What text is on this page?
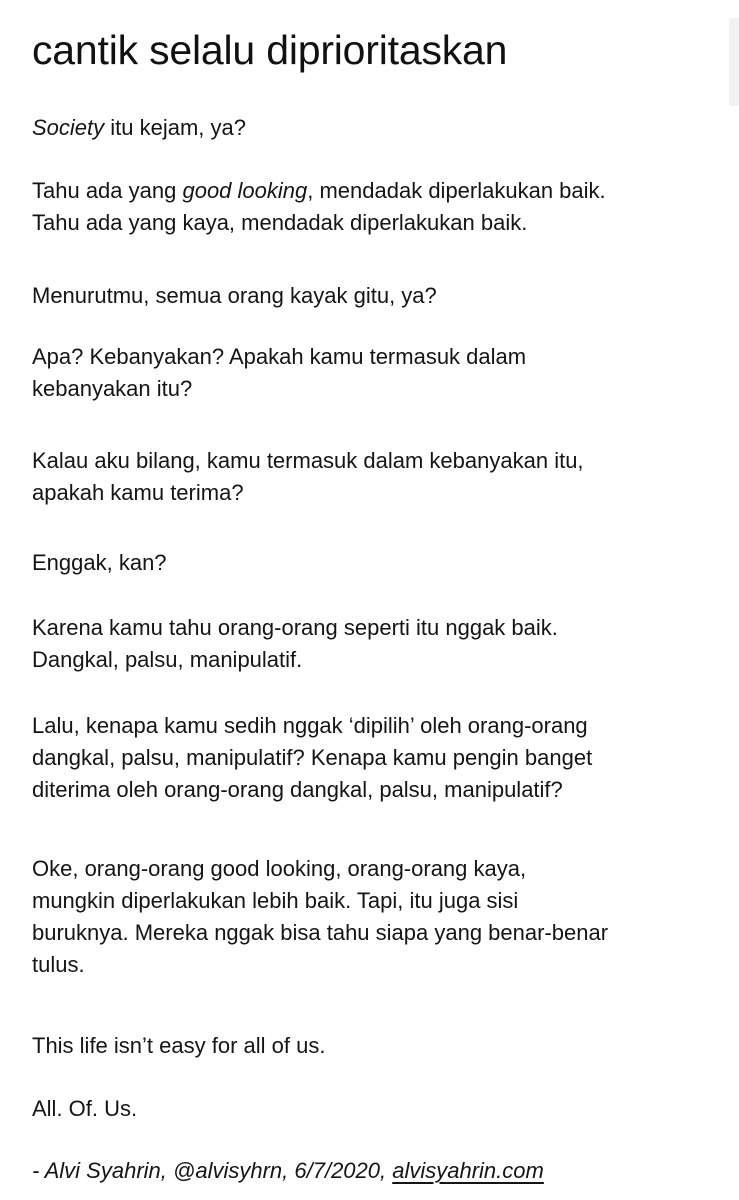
cantik selalu diprioritaskan

Society itu kejam, ya?

Tahu ada yang good looking, mendadak diperlakukan baik.
Tahu ada yang kaya, mendadak diperlakukan baik.

Menurutmu, semua orang kayak gitu, ya?

Apa? Kebanyakan? Apakah kamu termasuk dalam
kebanyakan itu?

Kalau aku bilang, kamu termasuk dalam kebanyakan itu,
apakah kamu terima?

Enggak, kan?

Karena kamu tahu orang-orang seperti itu nggak baik.
Dangkal, palsu, manipulatif.

Lalu, kenapa kamu sedih nggak ‘dipilih’ oleh orang-orang
dangkal, palsu, manipulatif? Kenapa kamu pengin banget
diterima oleh orang-orang dangkal, palsu, manipulatif?

Oke, orang-orang good looking, orang-orang kaya,
mungkin diperlakukan lebih baik. Tapi, itu juga sisi
buruknya. Mereka nggak bisa tahu siapa yang benar-benar
tulus.

This life isn’t easy for all of us.

All. Of. Us.

- Alvi Syahrin, @alvisyhrn, 6/7/2020, alvisyahrin.com
